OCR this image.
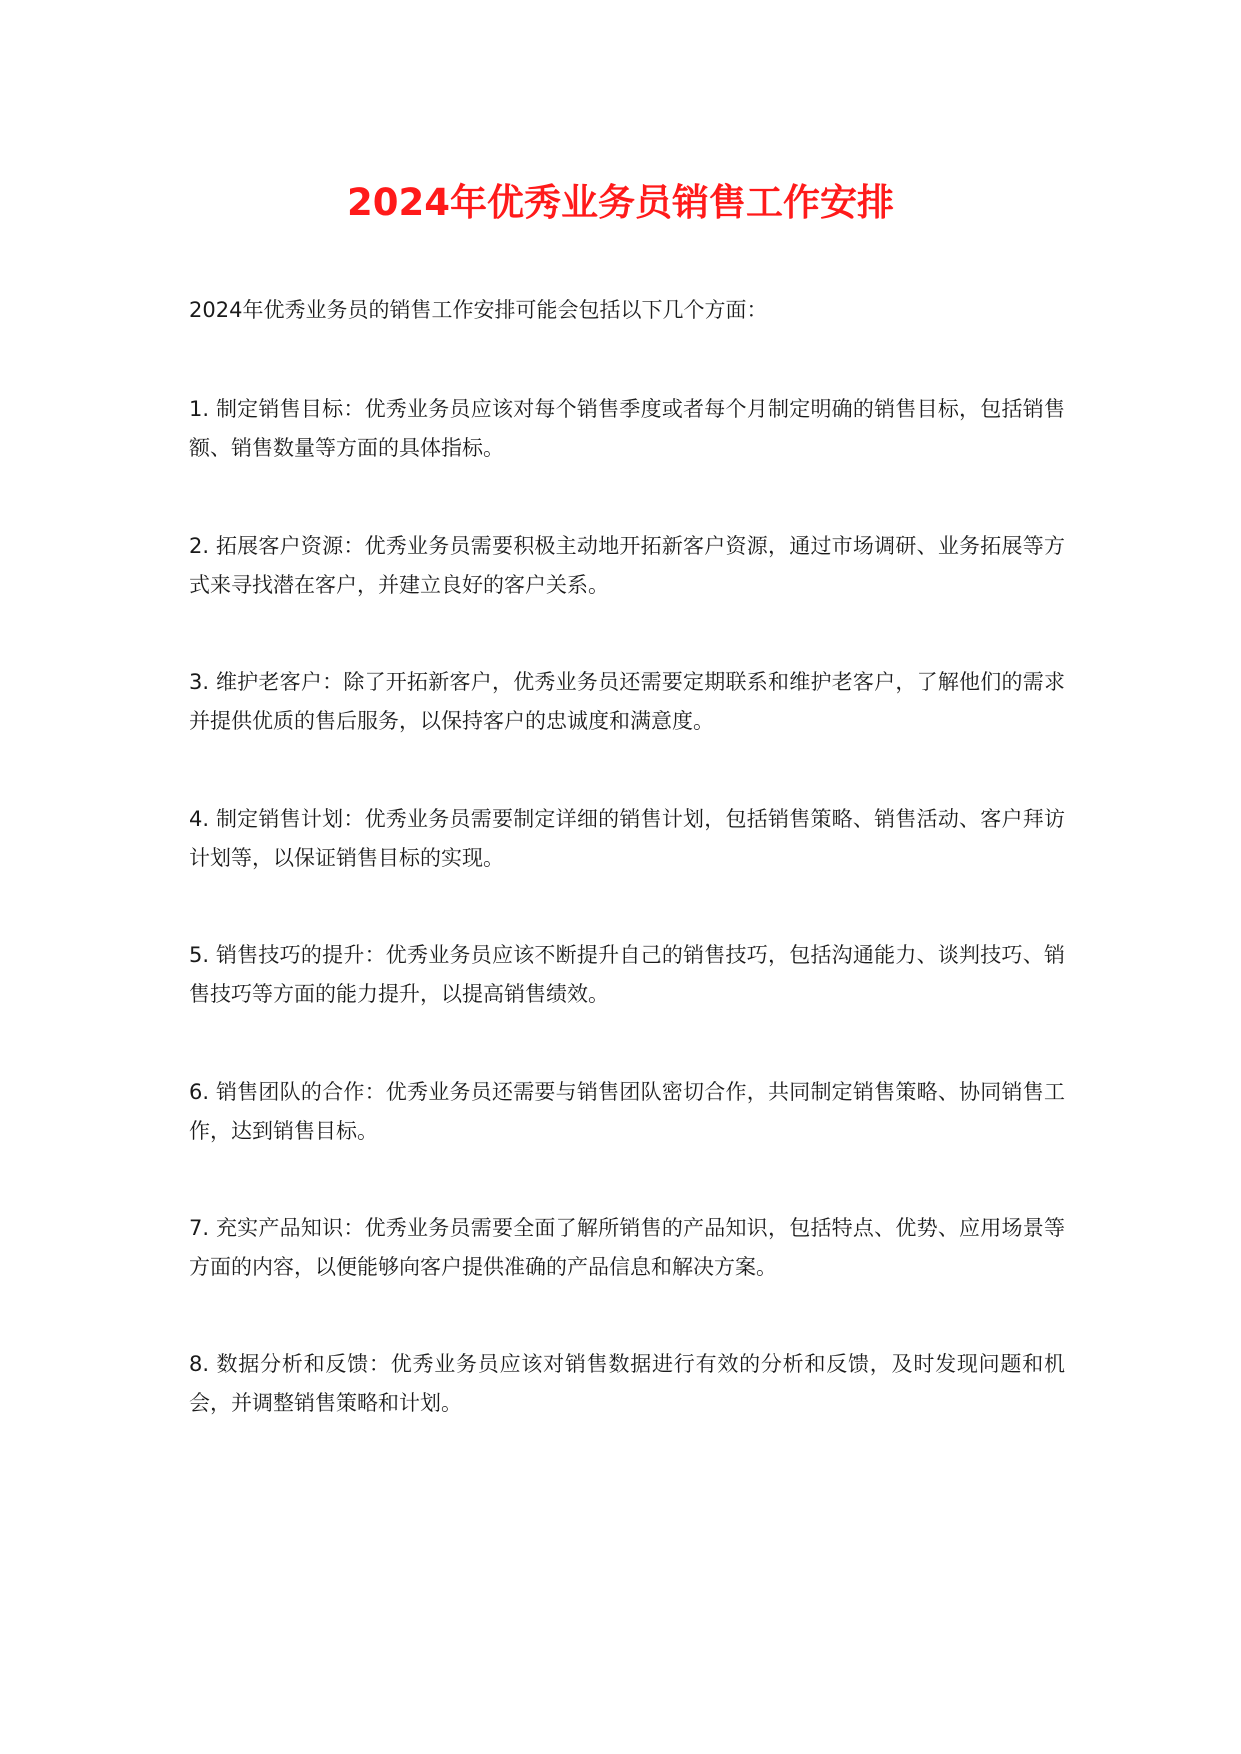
2024年优秀业务员销售工作安排
2024年优秀业务员的销售工作安排可能会包括以下几个方面：
1. 制定销售目标：优秀业务员应该对每个销售季度或者每个月制定明确的销售目标，包括销售额、销售数量等方面的具体指标。
2. 拓展客户资源：优秀业务员需要积极主动地开拓新客户资源，通过市场调研、业务拓展等方式来寻找潜在客户，并建立良好的客户关系。
3. 维护老客户：除了开拓新客户，优秀业务员还需要定期联系和维护老客户，了解他们的需求并提供优质的售后服务，以保持客户的忠诚度和满意度。
4. 制定销售计划：优秀业务员需要制定详细的销售计划，包括销售策略、销售活动、客户拜访计划等，以保证销售目标的实现。
5. 销售技巧的提升：优秀业务员应该不断提升自己的销售技巧，包括沟通能力、谈判技巧、销售技巧等方面的能力提升，以提高销售绩效。
6. 销售团队的合作：优秀业务员还需要与销售团队密切合作，共同制定销售策略、协同销售工作，达到销售目标。
7. 充实产品知识：优秀业务员需要全面了解所销售的产品知识，包括特点、优势、应用场景等方面的内容，以便能够向客户提供准确的产品信息和解决方案。
8. 数据分析和反馈：优秀业务员应该对销售数据进行有效的分析和反馈，及时发现问题和机会，并调整销售策略和计划。
